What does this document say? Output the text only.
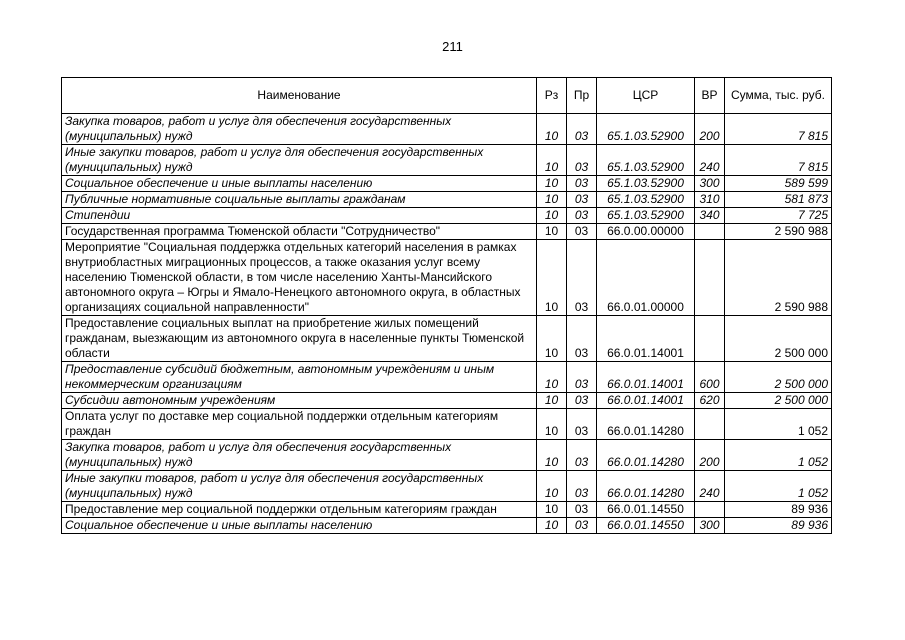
211
Наименование	Рз	Пр	ЦСР	ВР	Сумма, тыс. руб.
Закупка товаров, работ и услуг для обеспечения государственных (муниципальных) нужд	10	03	65.1.03.52900	200	7 815
Иные закупки товаров, работ и услуг для обеспечения государственных (муниципальных) нужд	10	03	65.1.03.52900	240	7 815
Социальное обеспечение и иные выплаты населению	10	03	65.1.03.52900	300	589 599
Публичные нормативные социальные выплаты гражданам	10	03	65.1.03.52900	310	581 873
Стипендии	10	03	65.1.03.52900	340	7 725
Государственная программа Тюменской области "Сотрудничество"	10	03	66.0.00.00000		2 590 988
Мероприятие "Социальная поддержка отдельных категорий населения в рамках внутриобластных миграционных процессов, а также оказания услуг всему населению Тюменской области, в том числе населению Ханты-Мансийского автономного округа – Югры и Ямало-Ненецкого автономного округа, в областных организациях социальной направленности"	10	03	66.0.01.00000		2 590 988
Предоставление социальных выплат на приобретение жилых помещений гражданам, выезжающим из автономного округа в населенные пункты Тюменской области	10	03	66.0.01.14001		2 500 000
Предоставление субсидий бюджетным, автономным учреждениям и иным некоммерческим организациям	10	03	66.0.01.14001	600	2 500 000
Субсидии автономным учреждениям	10	03	66.0.01.14001	620	2 500 000
Оплата услуг по доставке мер социальной поддержки отдельным категориям граждан	10	03	66.0.01.14280		1 052
Закупка товаров, работ и услуг для обеспечения государственных (муниципальных) нужд	10	03	66.0.01.14280	200	1 052
Иные закупки товаров, работ и услуг для обеспечения государственных (муниципальных) нужд	10	03	66.0.01.14280	240	1 052
Предоставление мер социальной поддержки отдельным категориям граждан	10	03	66.0.01.14550		89 936
Социальное обеспечение и иные выплаты населению	10	03	66.0.01.14550	300	89 936
